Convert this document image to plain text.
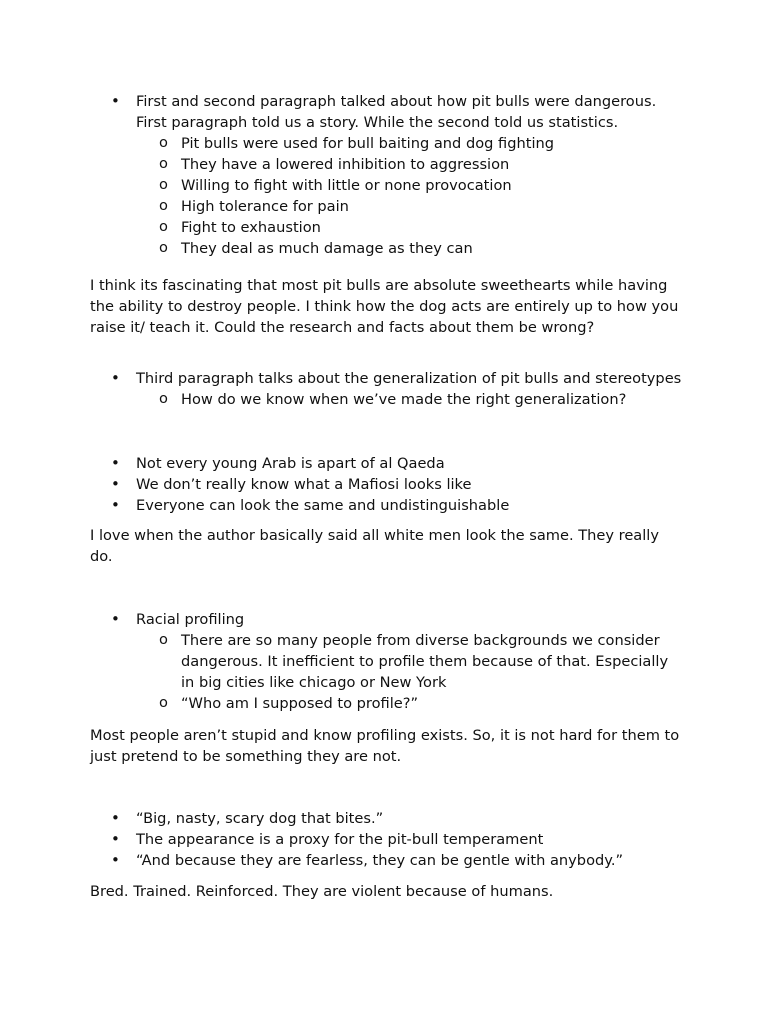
• First and second paragraph talked about how pit bulls were dangerous. First paragraph told us a story. While the second told us statistics.
o Pit bulls were used for bull baiting and dog fighting
o They have a lowered inhibition to aggression
o Willing to fight with little or none provocation
o High tolerance for pain
o Fight to exhaustion
o They deal as much damage as they can

I think its fascinating that most pit bulls are absolute sweethearts while having the ability to destroy people. I think how the dog acts are entirely up to how you raise it/ teach it. Could the research and facts about them be wrong?

• Third paragraph talks about the generalization of pit bulls and stereotypes
o How do we know when we’ve made the right generalization?
• Not every young Arab is apart of al Qaeda
• We don’t really know what a Mafiosi looks like
• Everyone can look the same and undistinguishable

I love when the author basically said all white men look the same. They really do.

• Racial profiling
o There are so many people from diverse backgrounds we consider dangerous. It inefficient to profile them because of that. Especially in big cities like chicago or New York
o “Who am I supposed to profile?”

Most people aren’t stupid and know profiling exists. So, it is not hard for them to just pretend to be something they are not.

• “Big, nasty, scary dog that bites.”
• The appearance is a proxy for the pit-bull temperament
• “And because they are fearless, they can be gentle with anybody.”

Bred. Trained. Reinforced. They are violent because of humans.
